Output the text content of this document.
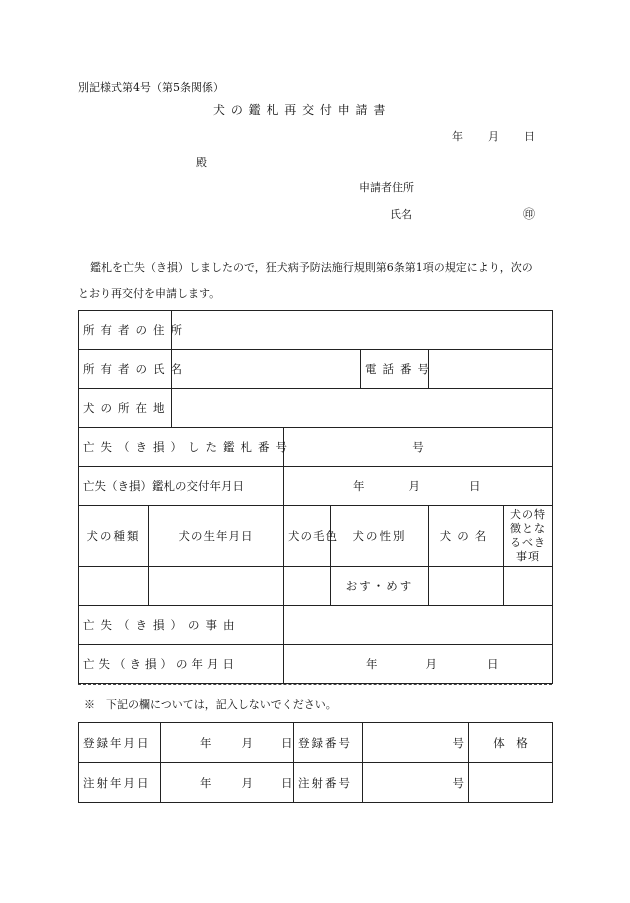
別記様式第4号（第5条関係）
犬 の 鑑 札 再 交 付 申 請 書
年 月 日
殿
申請者住所
氏名	㊞
鑑札を亡失（き損）しましたので，狂犬病予防法施行規則第6条第1項の規定により，次の
とおり再交付を申請します。
所有者の住所							
所有者の氏名					電話番号		
犬の所在地							
亡失（き損）した鑑札番号			号				
亡失（き損）鑑札の交付年月日			年 月 日				
犬の種類	犬の生年月日		犬の毛色	犬の性別		犬の名	犬の特徴となるべき事項
				おす・めす			
亡失（き損）の事由							
亡失（き損）の年月日			年 月 日				
※　下記の欄については，記入しないでください。
登録年月日	年 月 日	登録番号	号	体　格
注射年月日	年 月 日	注射番号	号	
